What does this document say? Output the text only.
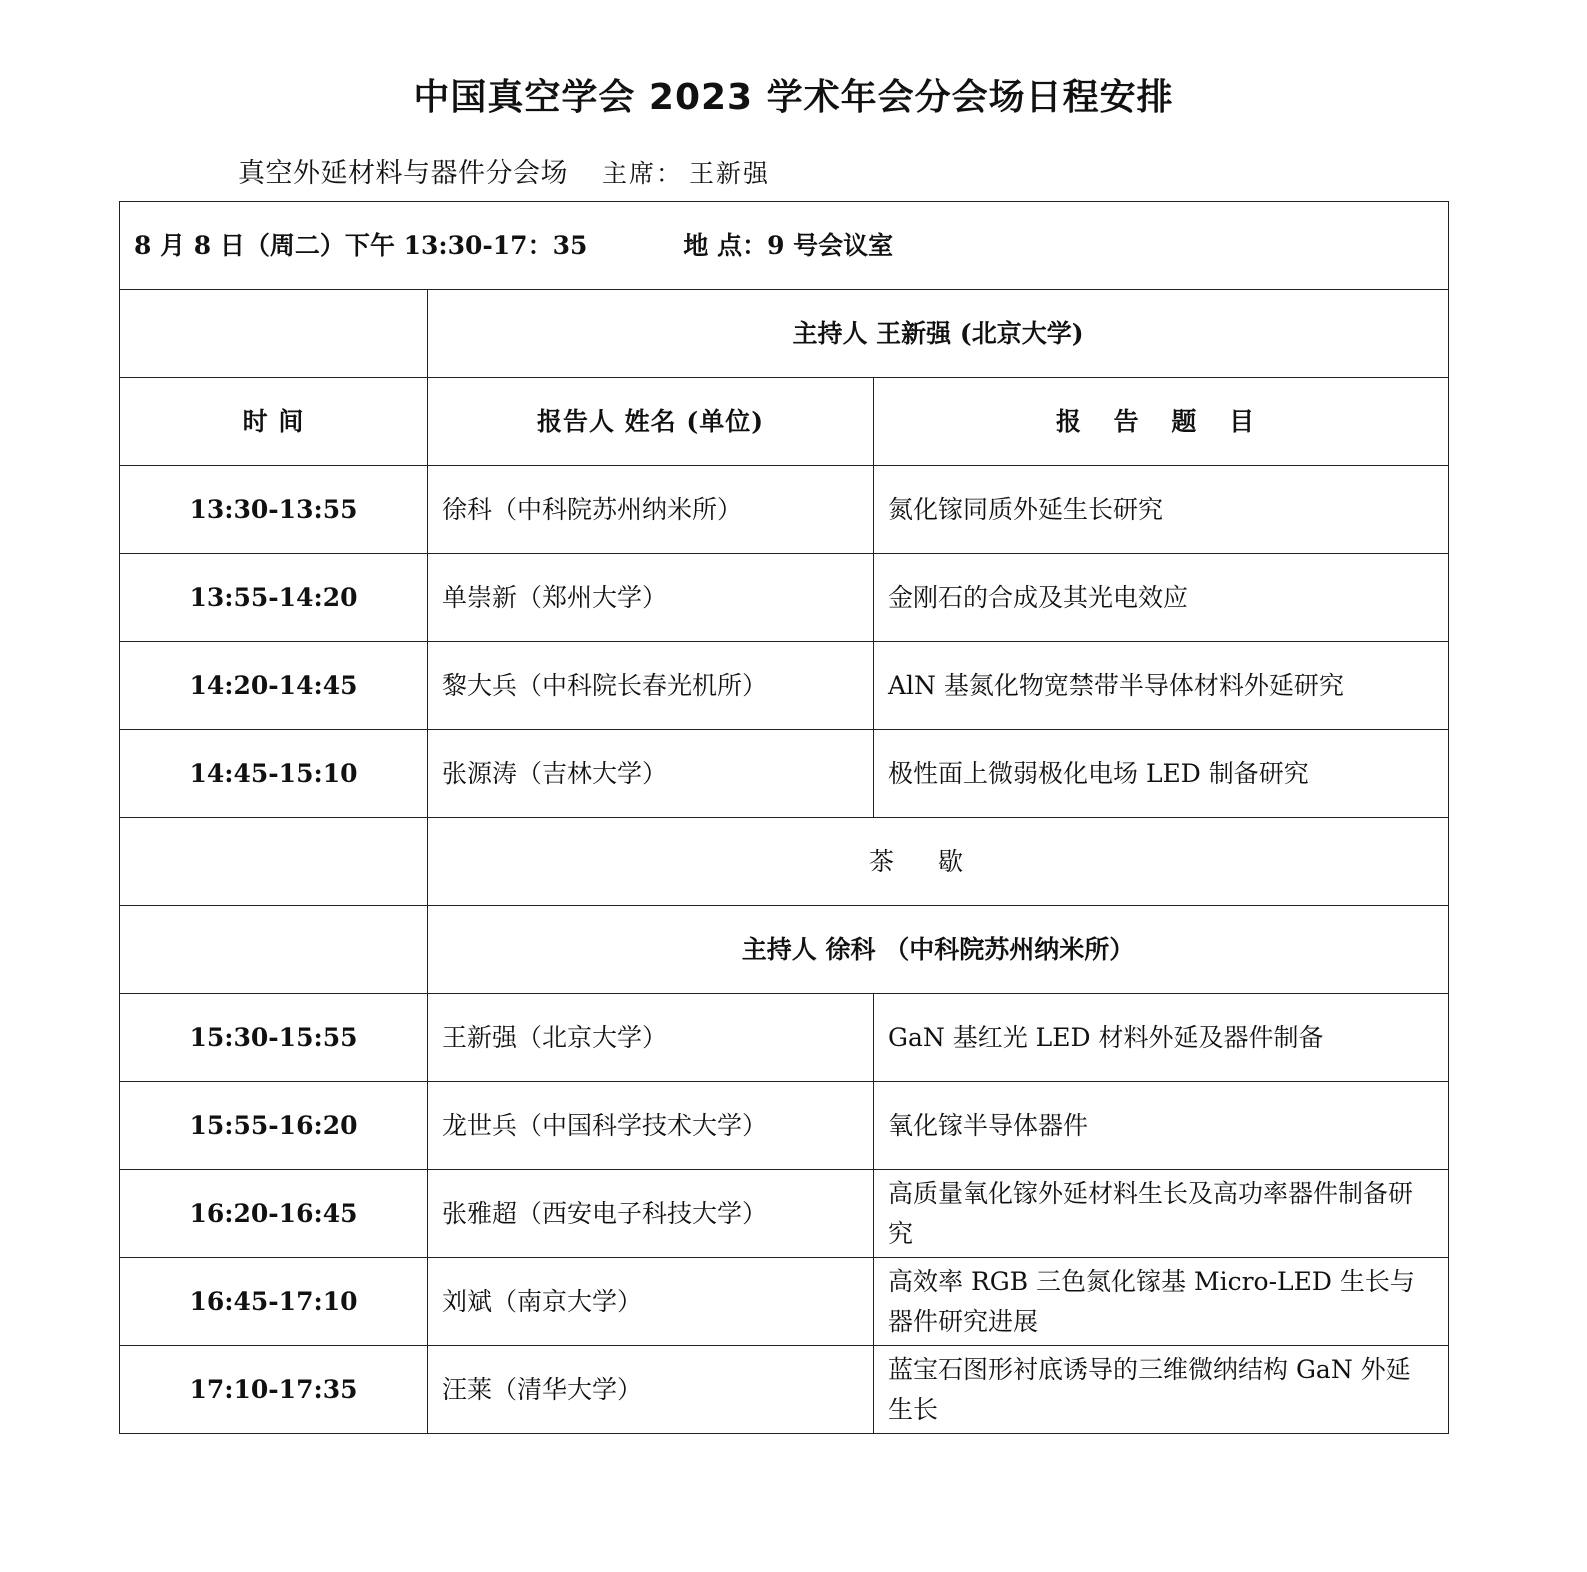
中国真空学会 2023 学术年会分会场日程安排
真空外延材料与器件分会场 主席： 王新强
8 月 8 日（周二）下午 13:30-17：35 地 点：9 号会议室		
	主持人 王新强 (北京大学)	
时 间	报告人 姓名 (单位)	报 告 题 目
13:30-13:55	徐科（中科院苏州纳米所）	氮化镓同质外延生长研究
13:55-14:20	单崇新（郑州大学）	金刚石的合成及其光电效应
14:20-14:45	黎大兵（中科院长春光机所）	AlN 基氮化物宽禁带半导体材料外延研究
14:45-15:10	张源涛（吉林大学）	极性面上微弱极化电场 LED 制备研究
	茶歇	
	主持人 徐科 （中科院苏州纳米所）	
15:30-15:55	王新强（北京大学）	GaN 基红光 LED 材料外延及器件制备
15:55-16:20	龙世兵（中国科学技术大学）	氧化镓半导体器件
16:20-16:45	张雅超（西安电子科技大学）	高质量氧化镓外延材料生长及高功率器件制备研究
16:45-17:10	刘斌（南京大学）	高效率 RGB 三色氮化镓基 Micro-LED 生长与器件研究进展
17:10-17:35	汪莱（清华大学）	蓝宝石图形衬底诱导的三维微纳结构 GaN 外延生长
